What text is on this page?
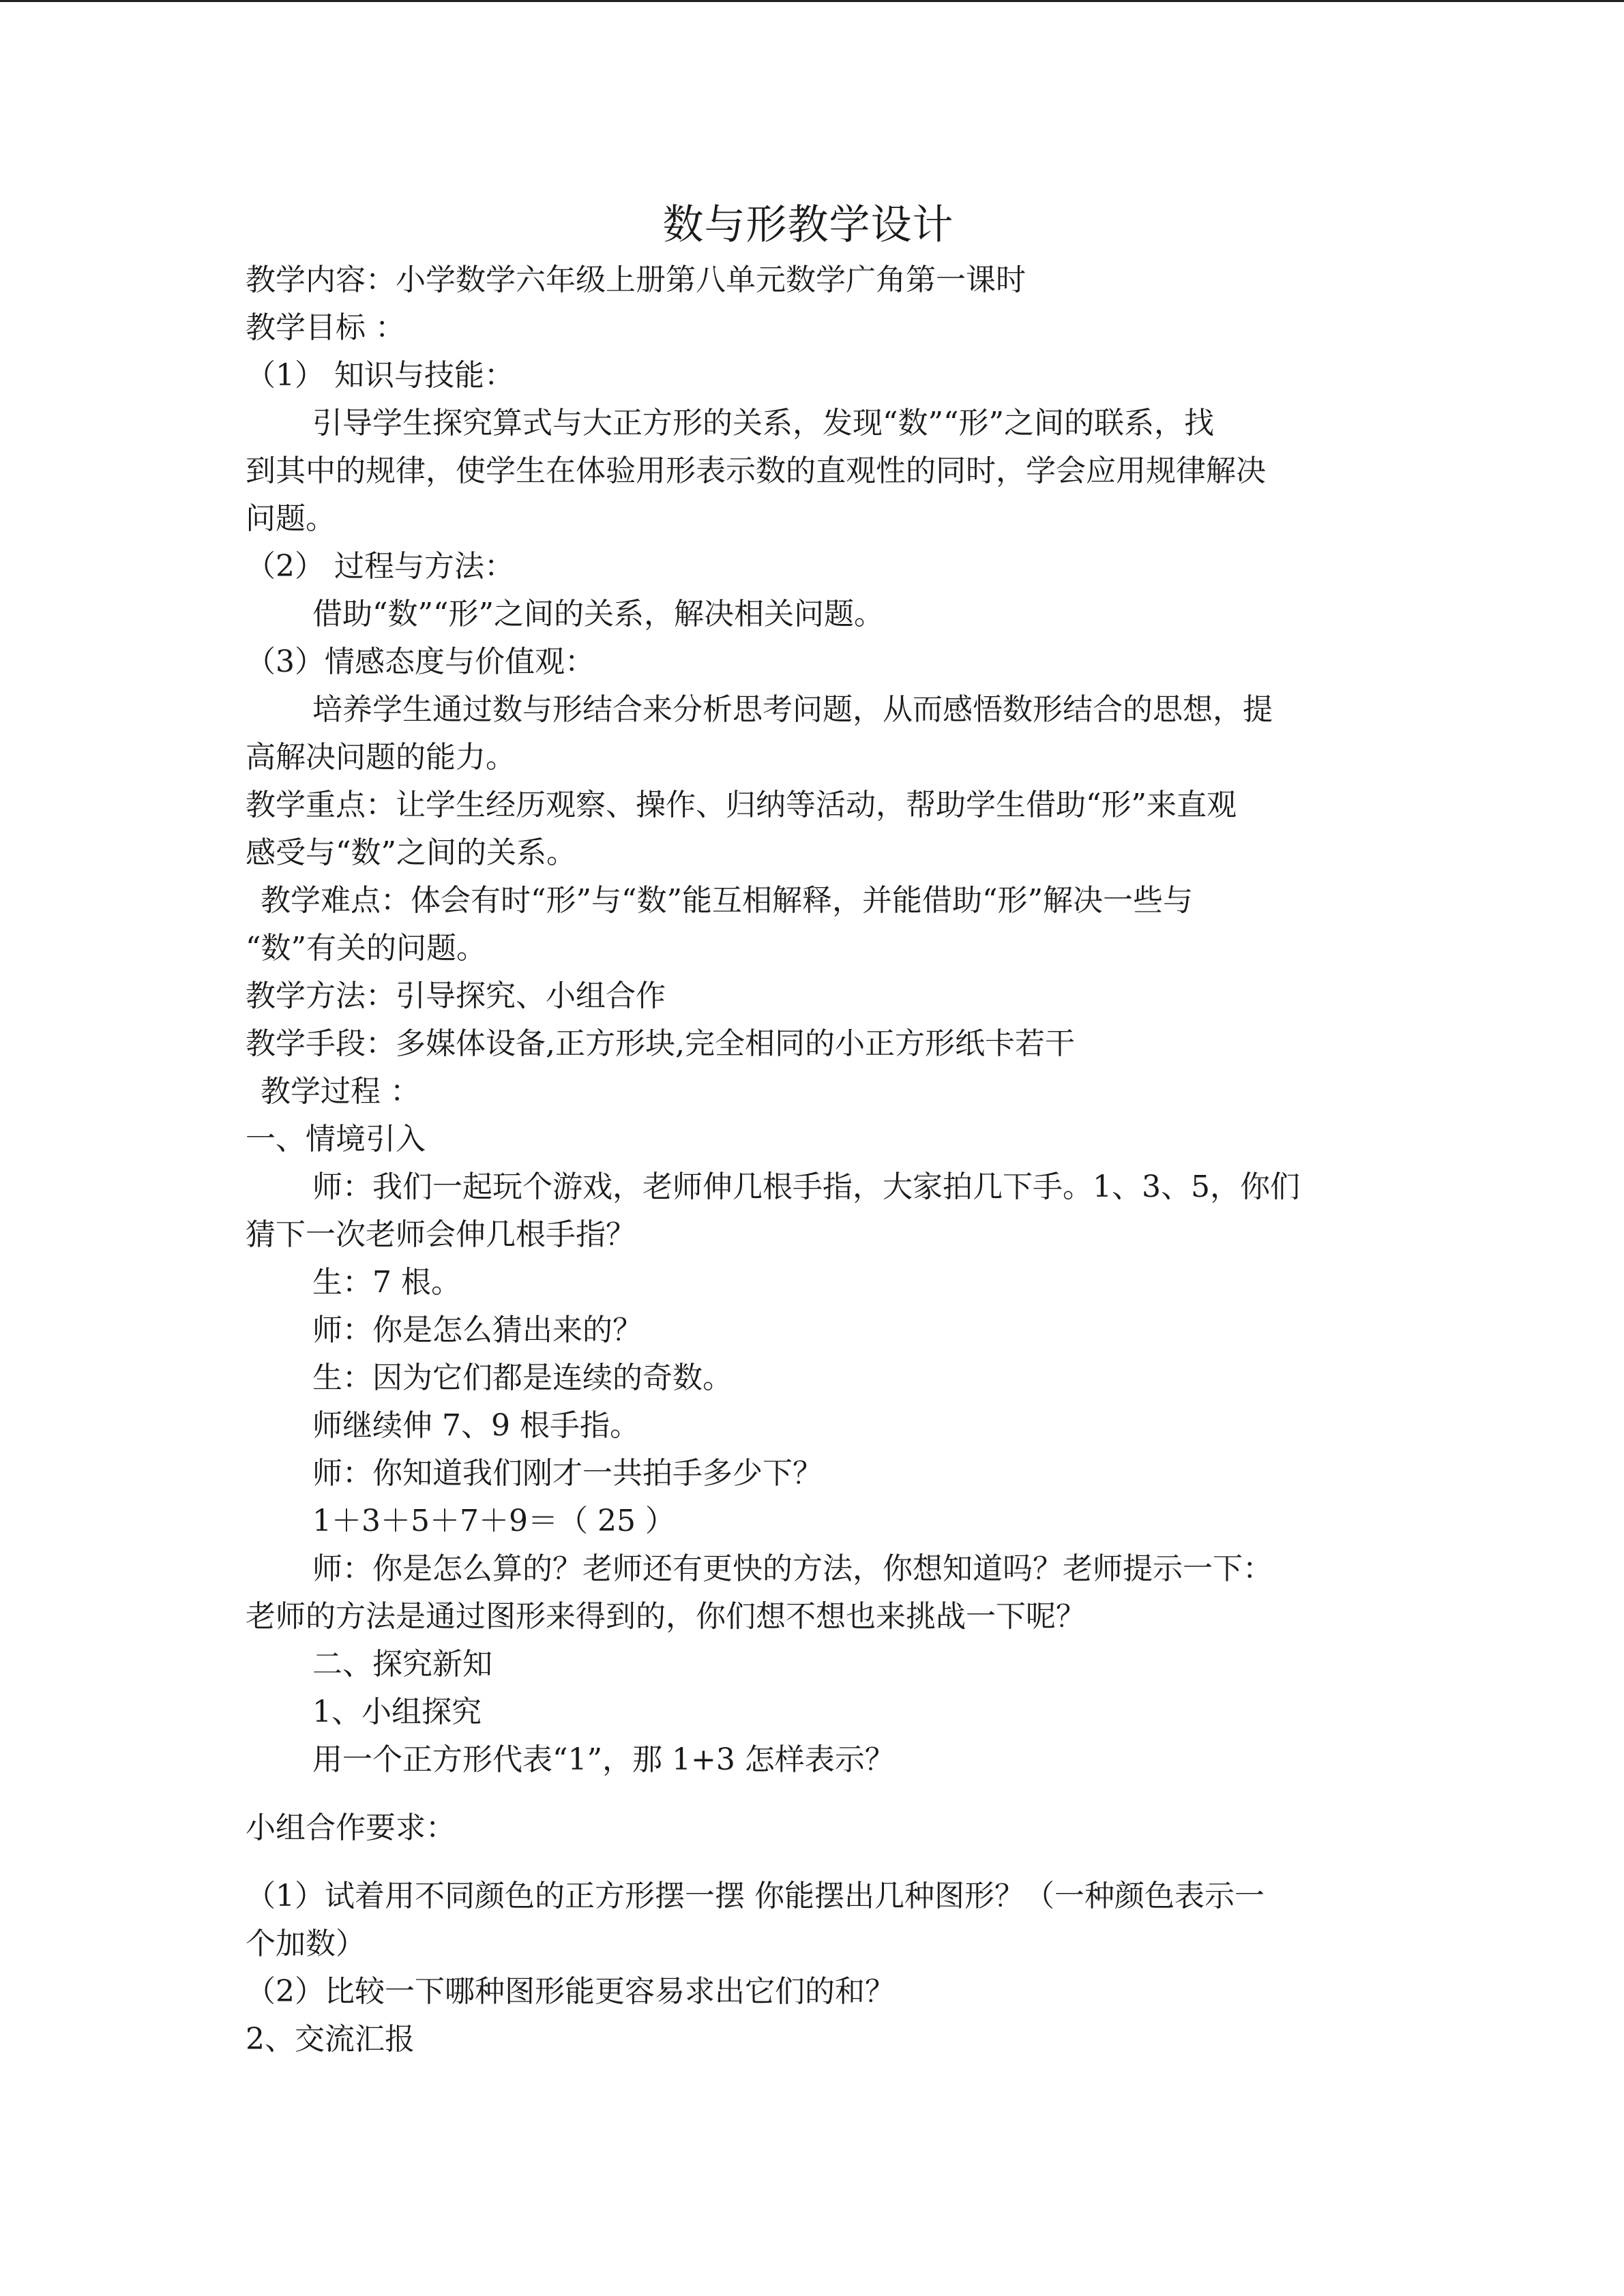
数与形教学设计
教学内容：小学数学六年级上册第八单元数学广角第一课时
教学目标 ：
（1） 知识与技能：
引导学生探究算式与大正方形的关系，发现“数”“形”之间的联系，找
到其中的规律，使学生在体验用形表示数的直观性的同时，学会应用规律解决
问题。
（2） 过程与方法：
借助“数”“形”之间的关系，解决相关问题。
（3）情感态度与价值观：
培养学生通过数与形结合来分析思考问题，从而感悟数形结合的思想，提
高解决问题的能力。
教学重点：让学生经历观察、操作、归纳等活动，帮助学生借助“形”来直观
感受与“数”之间的关系。
教学难点：体会有时“形”与“数”能互相解释，并能借助“形”解决一些与
“数”有关的问题。
教学方法：引导探究、小组合作
教学手段：多媒体设备,正方形块,完全相同的小正方形纸卡若干
教学过程 ：
一、情境引入
师：我们一起玩个游戏，老师伸几根手指，大家拍几下手。1、3、5，你们
猜下一次老师会伸几根手指？
生：7 根。
师：你是怎么猜出来的？
生：因为它们都是连续的奇数。
师继续伸 7、9 根手指。
师：你知道我们刚才一共拍手多少下？
1＋3＋5＋7＋9＝（ 25 ）
师：你是怎么算的？老师还有更快的方法，你想知道吗？老师提示一下：
老师的方法是通过图形来得到的，你们想不想也来挑战一下呢？
二、探究新知
1、小组探究
用一个正方形代表“1”，那 1+3 怎样表示？
小组合作要求：
（1）试着用不同颜色的正方形摆一摆 你能摆出几种图形？（一种颜色表示一
个加数）
（2）比较一下哪种图形能更容易求出它们的和？
2、交流汇报
